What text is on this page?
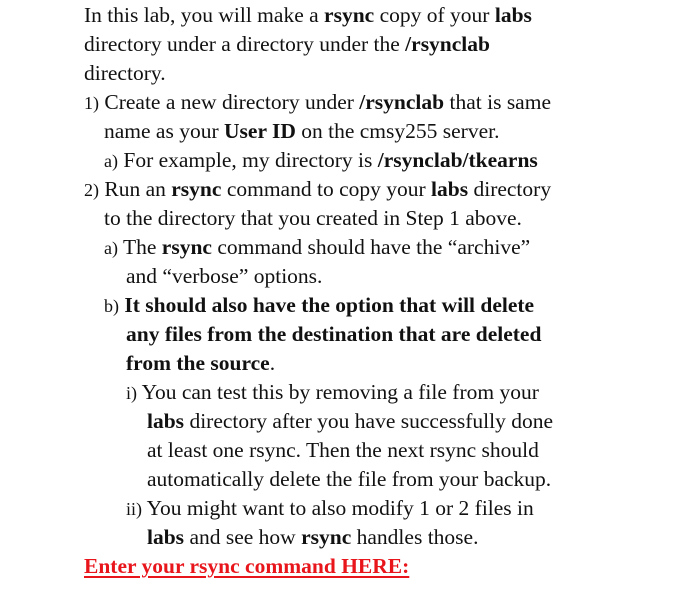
In this lab, you will make a rsync copy of your labs
directory under a directory under the /rsynclab
directory.
1) Create a new directory under /rsynclab that is same
name as your User ID on the cmsy255 server.
a) For example, my directory is /rsynclab/tkearns
2) Run an rsync command to copy your labs directory
to the directory that you created in Step 1 above.
a) The rsync command should have the “archive”
and “verbose” options.
b) It should also have the option that will delete
any files from the destination that are deleted
from the source.
i) You can test this by removing a file from your
labs directory after you have successfully done
at least one rsync. Then the next rsync should
automatically delete the file from your backup.
ii) You might want to also modify 1 or 2 files in
labs and see how rsync handles those.
Enter your rsync command HERE:
